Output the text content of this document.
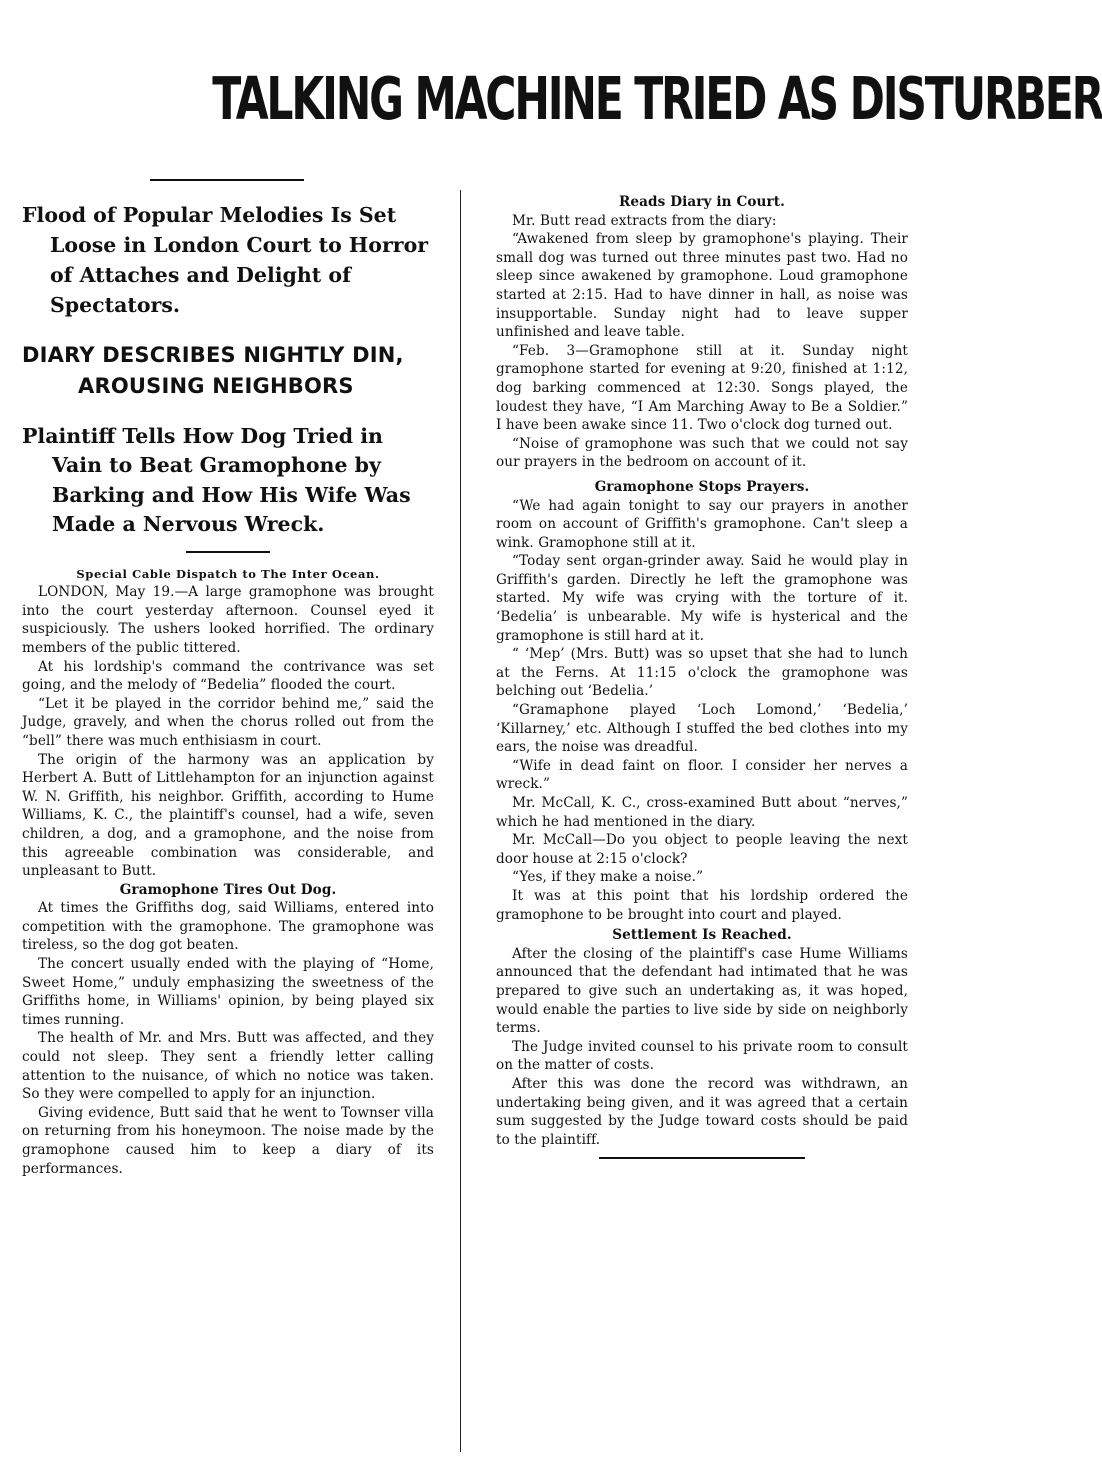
TALKING MACHINE TRIED AS DISTURBER
Flood of Popular Melodies Is Set Loose in London Court to Horror of Attaches and Delight of Spectators.
DIARY DESCRIBES NIGHTLY DIN, AROUSING NEIGHBORS
Plaintiff Tells How Dog Tried in Vain to Beat Gramophone by Barking and How His Wife Was Made a Nervous Wreck.
Special Cable Dispatch to The Inter Ocean.

LONDON, May 19.—A large gramophone was brought into the court yesterday afternoon. Counsel eyed it suspiciously. The ushers looked horrified. The ordinary members of the public tittered.

At his lordship's command the contrivance was set going, and the melody of “Bedelia” flooded the court.

“Let it be played in the corridor behind me,” said the Judge, gravely, and when the chorus rolled out from the “bell” there was much enthisiasm in court.

The origin of the harmony was an application by Herbert A. Butt of Littlehampton for an injunction against W. N. Griffith, his neighbor. Griffith, according to Hume Williams, K. C., the plaintiff's counsel, had a wife, seven children, a dog, and a gramophone, and the noise from this agreeable combination was considerable, and unpleasant to Butt.

Gramophone Tires Out Dog.

At times the Griffiths dog, said Williams, entered into competition with the gramophone. The gramophone was tireless, so the dog got beaten.

The concert usually ended with the playing of “Home, Sweet Home,” unduly emphasizing the sweetness of the Griffiths home, in Williams' opinion, by being played six times running.

The health of Mr. and Mrs. Butt was affected, and they could not sleep. They sent a friendly letter calling attention to the nuisance, of which no notice was taken. So they were compelled to apply for an injunction.

Giving evidence, Butt said that he went to Townser villa on returning from his honeymoon. The noise made by the gramophone caused him to keep a diary of its performances.

Reads Diary in Court.

Mr. Butt read extracts from the diary:

“Awakened from sleep by gramophone's playing. Their small dog was turned out three minutes past two. Had no sleep since awakened by gramophone. Loud gramophone started at 2:15. Had to have dinner in hall, as noise was insupportable. Sunday night had to leave supper unfinished and leave table.

“Feb. 3—Gramophone still at it. Sunday night gramophone started for evening at 9:20, finished at 1:12, dog barking commenced at 12:30. Songs played, the loudest they have, “I Am Marching Away to Be a Soldier.” I have been awake since 11. Two o'clock dog turned out.

“Noise of gramophone was such that we could not say our prayers in the bedroom on account of it.

Gramophone Stops Prayers.

“We had again tonight to say our prayers in another room on account of Griffith's gramophone. Can't sleep a wink. Gramophone still at it.

“Today sent organ-grinder away. Said he would play in Griffith's garden. Directly he left the gramophone was started. My wife was crying with the torture of it. ‘Bedelia’ is unbearable. My wife is hysterical and the gramophone is still hard at it.

“ ‘Mep’ (Mrs. Butt) was so upset that she had to lunch at the Ferns. At 11:15 o'clock the gramophone was belching out ‘Bedelia.’

“Gramaphone played ‘Loch Lomond,’ ‘Bedelia,’ ‘Killarney,’ etc. Although I stuffed the bed clothes into my ears, the noise was dreadful.

“Wife in dead faint on floor. I consider her nerves a wreck.”

Mr. McCall, K. C., cross-examined Butt about “nerves,” which he had mentioned in the diary.

Mr. McCall—Do you object to people leaving the next door house at 2:15 o'clock?

“Yes, if they make a noise.”

It was at this point that his lordship ordered the gramophone to be brought into court and played.

Settlement Is Reached.

After the closing of the plaintiff's case Hume Williams announced that the defendant had intimated that he was prepared to give such an undertaking as, it was hoped, would enable the parties to live side by side on neighborly terms.

The Judge invited counsel to his private room to consult on the matter of costs.

After this was done the record was withdrawn, an undertaking being given, and it was agreed that a certain sum suggested by the Judge toward costs should be paid to the plaintiff.
